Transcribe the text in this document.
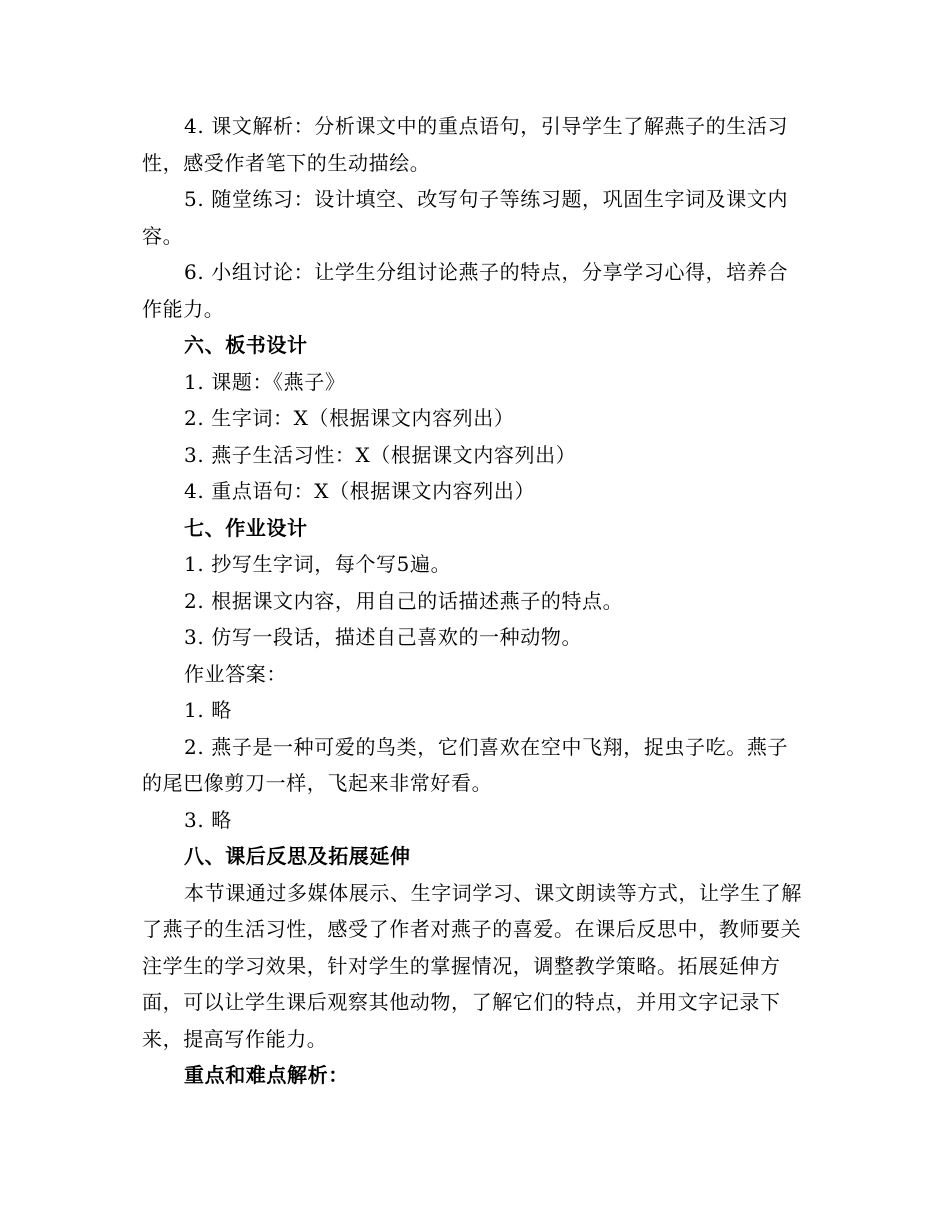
4. 课文解析：分析课文中的重点语句，引导学生了解燕子的生活习性，感受作者笔下的生动描绘。

5. 随堂练习：设计填空、改写句子等练习题，巩固生字词及课文内容。

6. 小组讨论：让学生分组讨论燕子的特点，分享学习心得，培养合作能力。

六、板书设计

1. 课题：《燕子》

2. 生字词：X（根据课文内容列出）

3. 燕子生活习性：X（根据课文内容列出）

4. 重点语句：X（根据课文内容列出）

七、作业设计

1. 抄写生字词，每个写5遍。

2. 根据课文内容，用自己的话描述燕子的特点。

3. 仿写一段话，描述自己喜欢的一种动物。

作业答案：

1. 略

2. 燕子是一种可爱的鸟类，它们喜欢在空中飞翔，捉虫子吃。燕子的尾巴像剪刀一样，飞起来非常好看。

3. 略

八、课后反思及拓展延伸

本节课通过多媒体展示、生字词学习、课文朗读等方式，让学生了解了燕子的生活习性，感受了作者对燕子的喜爱。在课后反思中，教师要关注学生的学习效果，针对学生的掌握情况，调整教学策略。拓展延伸方面，可以让学生课后观察其他动物，了解它们的特点，并用文字记录下来，提高写作能力。

重点和难点解析：
